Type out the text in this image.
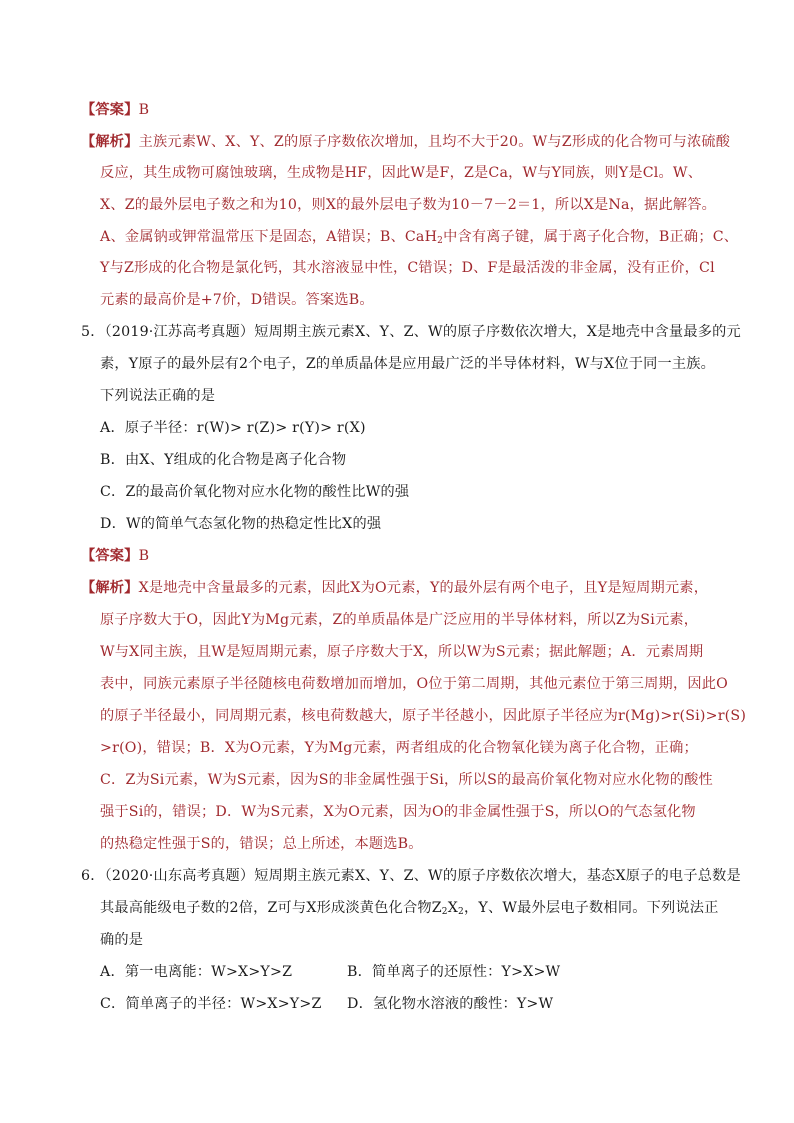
【答案】B
【解析】主族元素W、X、Y、Z的原子序数依次增加，且均不大于20。W与Z形成的化合物可与浓硫酸
反应，其生成物可腐蚀玻璃，生成物是HF，因此W是F，Z是Ca，W与Y同族，则Y是Cl。W、
X、Z的最外层电子数之和为10，则X的最外层电子数为10－7－2＝1，所以X是Na，据此解答。
A、金属钠或钾常温常压下是固态，A错误；B、CaH$_2$中含有离子键，属于离子化合物，B正确；C、
Y与Z形成的化合物是氯化钙，其水溶液显中性，C错误；D、F是最活泼的非金属，没有正价，Cl
元素的最高价是+7价，D错误。答案选B。
5．（2019·江苏高考真题）短周期主族元素X、Y、Z、W的原子序数依次增大，X是地壳中含量最多的元
素，Y原子的最外层有2个电子，Z的单质晶体是应用最广泛的半导体材料，W与X位于同一主族。
下列说法正确的是
A．原子半径：r(W)> r(Z)> r(Y)> r(X)
B．由X、Y组成的化合物是离子化合物
C．Z的最高价氧化物对应水化物的酸性比W的强
D．W的简单气态氢化物的热稳定性比X的强
【答案】B
【解析】X是地壳中含量最多的元素，因此X为O元素，Y的最外层有两个电子，且Y是短周期元素，
原子序数大于O，因此Y为Mg元素，Z的单质晶体是广泛应用的半导体材料，所以Z为Si元素，
W与X同主族，且W是短周期元素，原子序数大于X，所以W为S元素；据此解题；A．元素周期
表中，同族元素原子半径随核电荷数增加而增加，O位于第二周期，其他元素位于第三周期，因此O
的原子半径最小，同周期元素，核电荷数越大，原子半径越小，因此原子半径应为r(Mg)>r(Si)>r(S)
>r(O)，错误；B．X为O元素，Y为Mg元素，两者组成的化合物氧化镁为离子化合物，正确；
C．Z为Si元素，W为S元素，因为S的非金属性强于Si，所以S的最高价氧化物对应水化物的酸性
强于Si的，错误；D．W为S元素，X为O元素，因为O的非金属性强于S，所以O的气态氢化物
的热稳定性强于S的，错误；总上所述，本题选B。
6．（2020·山东高考真题）短周期主族元素X、Y、Z、W的原子序数依次增大，基态X原子的电子总数是
其最高能级电子数的2倍，Z可与X形成淡黄色化合物$Z_2X_2$，Y、W最外层电子数相同。下列说法正
确的是
A．第一电离能：W>X>Y>Z	B．简单离子的还原性：Y>X>W
C．简单离子的半径：W>X>Y>Z D．氢化物水溶液的酸性：Y>W
